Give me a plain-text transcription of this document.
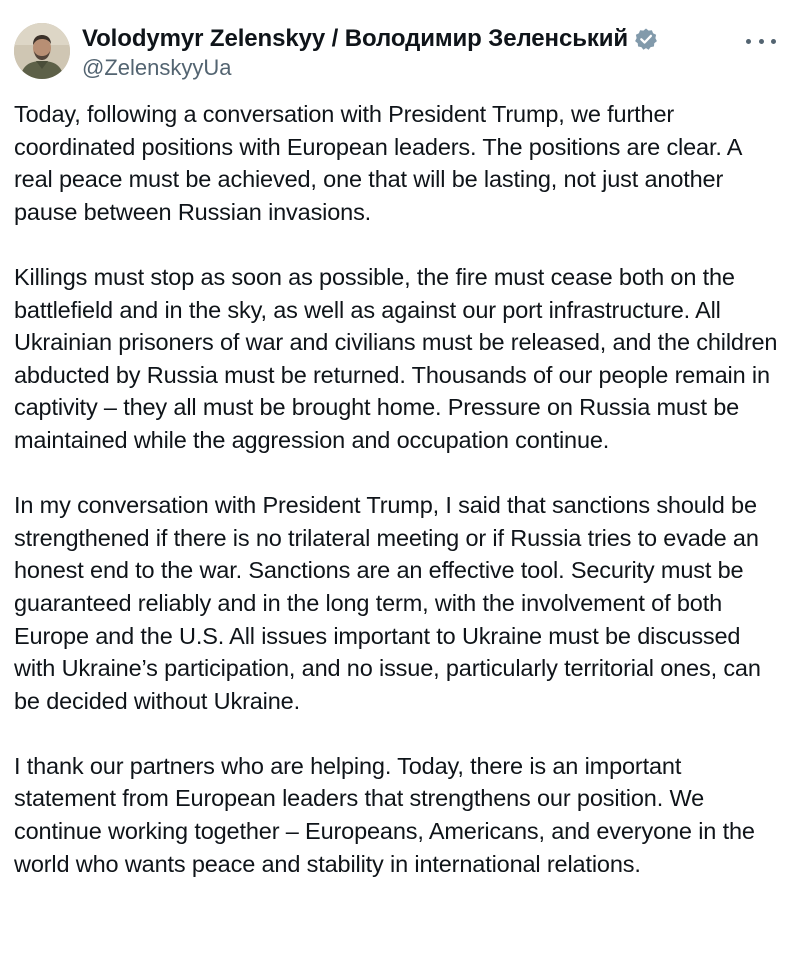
Volodymyr Zelenskyy / Володимир Зеленський
@ZelenskyyUa

Today, following a conversation with President Trump, we further coordinated positions with European leaders. The positions are clear. A real peace must be achieved, one that will be lasting, not just another pause between Russian invasions.

Killings must stop as soon as possible, the fire must cease both on the battlefield and in the sky, as well as against our port infrastructure. All Ukrainian prisoners of war and civilians must be released, and the children abducted by Russia must be returned. Thousands of our people remain in captivity – they all must be brought home. Pressure on Russia must be maintained while the aggression and occupation continue.

In my conversation with President Trump, I said that sanctions should be strengthened if there is no trilateral meeting or if Russia tries to evade an honest end to the war. Sanctions are an effective tool. Security must be guaranteed reliably and in the long term, with the involvement of both Europe and the U.S. All issues important to Ukraine must be discussed with Ukraine’s participation, and no issue, particularly territorial ones, can be decided without Ukraine.

I thank our partners who are helping. Today, there is an important statement from European leaders that strengthens our position. We continue working together – Europeans, Americans, and everyone in the world who wants peace and stability in international relations.
